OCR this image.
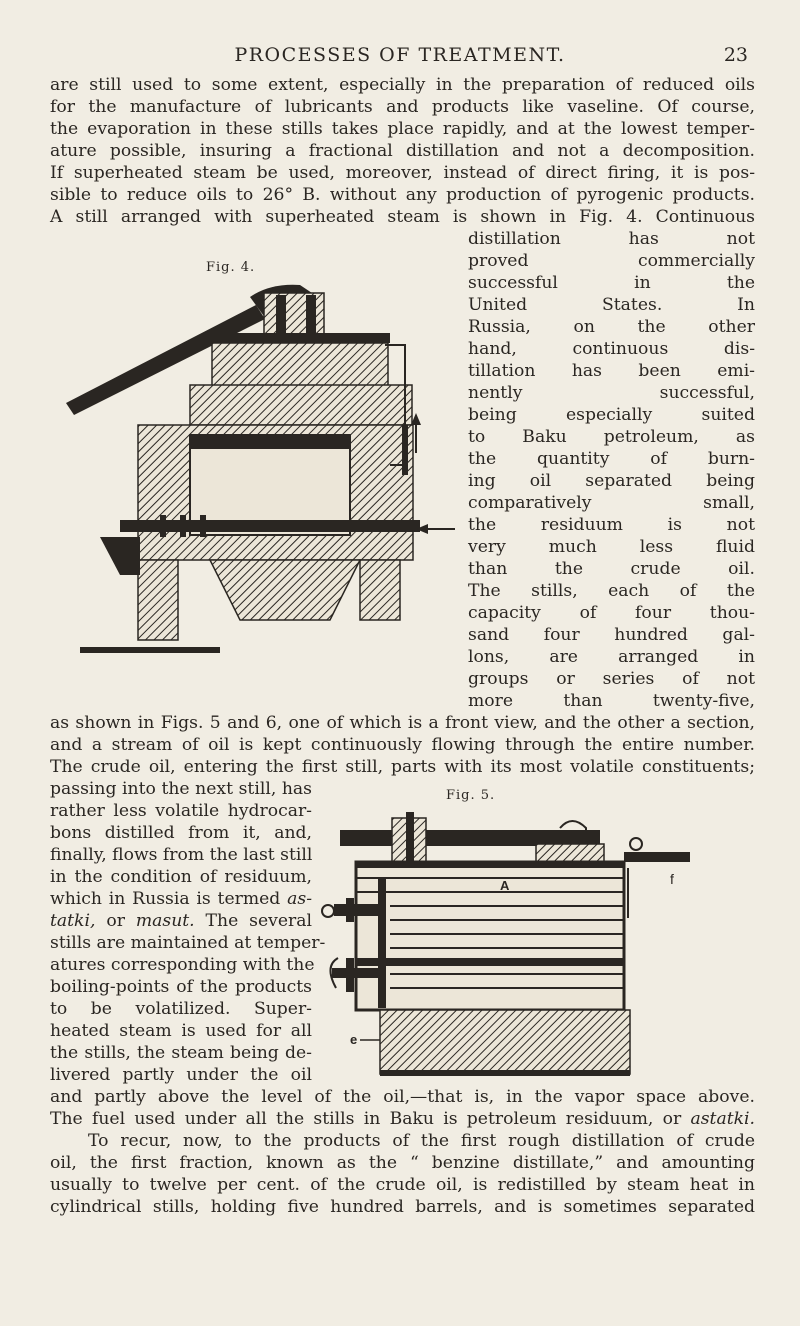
PROCESSES OF TREATMENT.	23
are still used to some extent, especially in the preparation of reduced oils
for the manufacture of lubricants and products like vaseline. Of course,
the evaporation in these stills takes place rapidly, and at the lowest temper-
ature possible, insuring a fractional distillation and not a decomposition.
If superheated steam be used, moreover, instead of direct firing, it is pos-
sible to reduce oils to 26° B. without any production of pyrogenic products.
A still arranged with superheated steam is shown in Fig. 4. Continuous
Fig. 4.
distillation has not
proved commercially
successful in the
United States. In
Russia, on the other
hand, continuous dis-
tillation has been emi-
nently successful,
being especially suited
to Baku petroleum, as
the quantity of burn-
ing oil separated being
comparatively small,
the residuum is not
very much less fluid
than the crude oil.
The stills, each of the
capacity of four thou-
sand four hundred gal-
lons, are arranged in
groups or series of not
more than twenty-five,
as shown in Figs. 5 and 6, one of which is a front view, and the other a section,
and a stream of oil is kept continuously flowing through the entire number.
The crude oil, entering the first still, parts with its most volatile constituents;
passing into the next still, has
rather less volatile hydrocar-
bons distilled from it, and,
finally, flows from the last still
in the condition of residuum,
which in Russia is termed as-
tatki, or masut. The several
stills are maintained at temper-
atures corresponding with the
boiling-points of the products
to be volatilized. Super-
heated steam is used for all
the stills, the steam being de-
livered partly under the oil
Fig. 5.
A	f
e
and partly above the level of the oil,—that is, in the vapor space above.
The fuel used under all the stills in Baku is petroleum residuum, or astatki.
To recur, now, to the products of the first rough distillation of crude
oil, the first fraction, known as the “ benzine distillate,” and amounting
usually to twelve per cent. of the crude oil, is redistilled by steam heat in
cylindrical stills, holding five hundred barrels, and is sometimes separated
